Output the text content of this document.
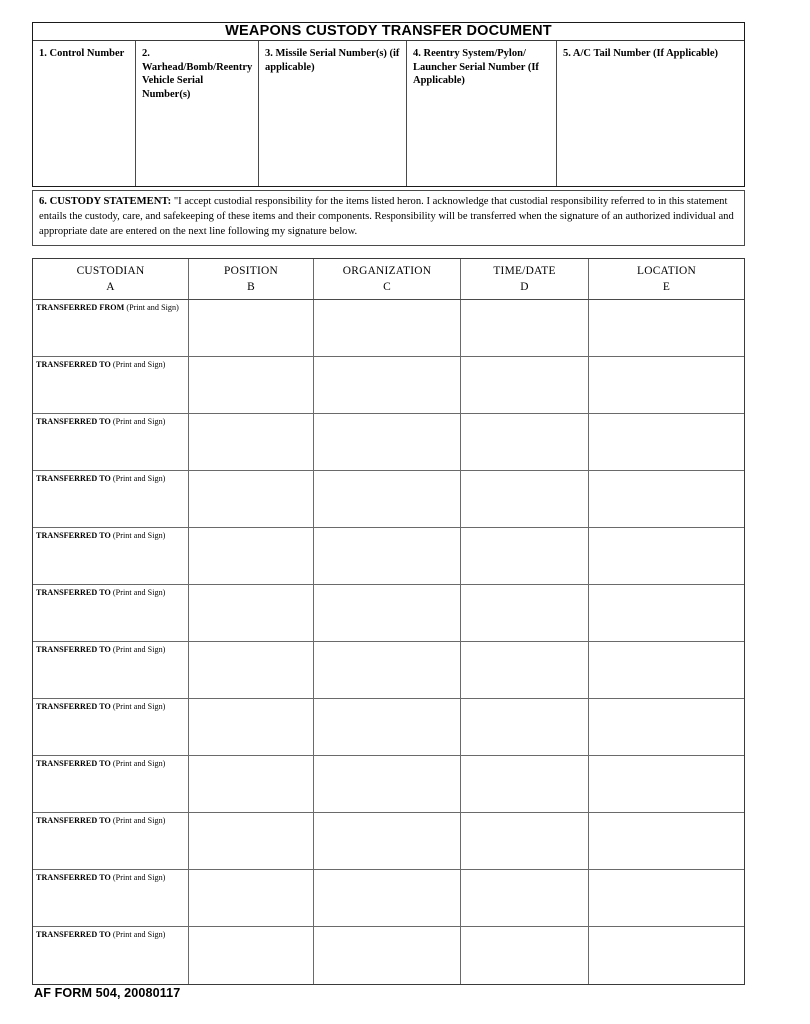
WEAPONS CUSTODY TRANSFER DOCUMENT
1. Control Number	2. Warhead/Bomb/Reentry Vehicle Serial Number(s)
3. Missile Serial Number(s) (if applicable)
4. Reentry System/Pylon/ Launcher Serial Number (If Applicable)
5. A/C Tail Number (If Applicable)
6. CUSTODY STATEMENT: "I accept custodial responsibility for the items listed heron. I acknowledge that custodial responsibility referred to in this statement entails the custody, care, and safekeeping of these items and their components. Responsibility will be transferred when the signature of an authorized individual and appropriate date are entered on the next line following my signature below.
CUSTODIAN
A
POSITION
B
ORGANIZATION
C
TIME/DATE
D
LOCATION
E
TRANSFERRED FROM (Print and Sign)
TRANSFERRED TO (Print and Sign)
TRANSFERRED TO (Print and Sign)
TRANSFERRED TO (Print and Sign)
TRANSFERRED TO (Print and Sign)
TRANSFERRED TO (Print and Sign)
TRANSFERRED TO (Print and Sign)
TRANSFERRED TO (Print and Sign)
TRANSFERRED TO (Print and Sign)
TRANSFERRED TO (Print and Sign)
TRANSFERRED TO (Print and Sign)
TRANSFERRED TO (Print and Sign)
AF FORM 504, 20080117
